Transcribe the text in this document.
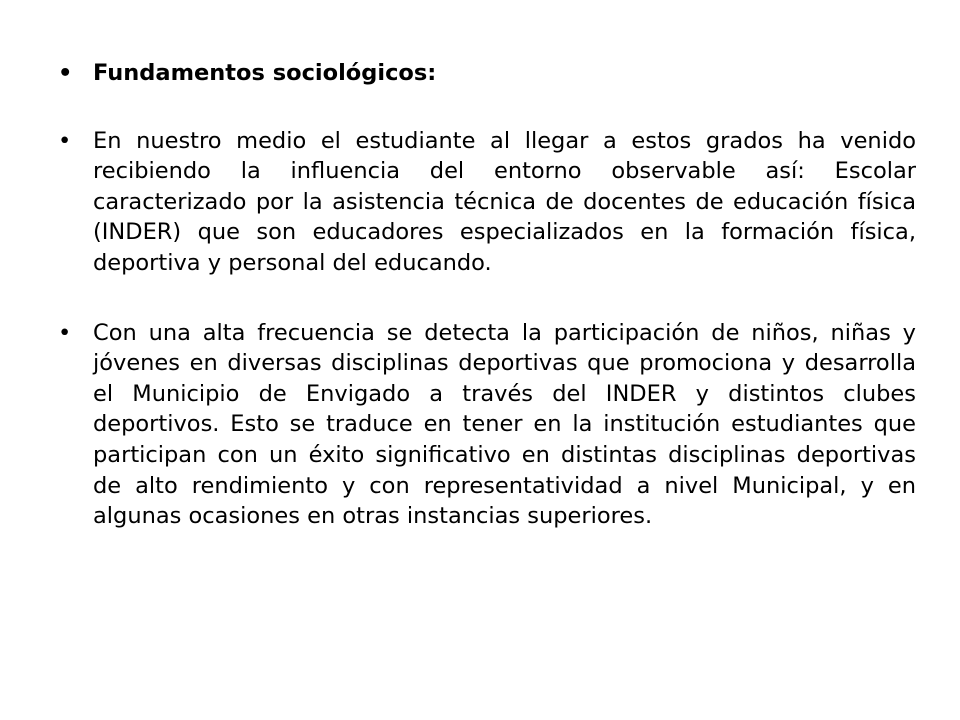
• Fundamentos sociológicos:
• En nuestro medio el estudiante al llegar a estos grados ha venido recibiendo la influencia del entorno observable así: Escolar caracterizado por la asistencia técnica de docentes de educación física (INDER) que son educadores especializados en la formación física, deportiva y personal del educando.
• Con una alta frecuencia se detecta la participación de niños, niñas y jóvenes en diversas disciplinas deportivas que promociona y desarrolla el Municipio de Envigado a través del INDER y distintos clubes deportivos. Esto se traduce en tener en la institución estudiantes que participan con un éxito significativo en distintas disciplinas deportivas de alto rendimiento y con representatividad a nivel Municipal, y en algunas ocasiones en otras instancias superiores.
